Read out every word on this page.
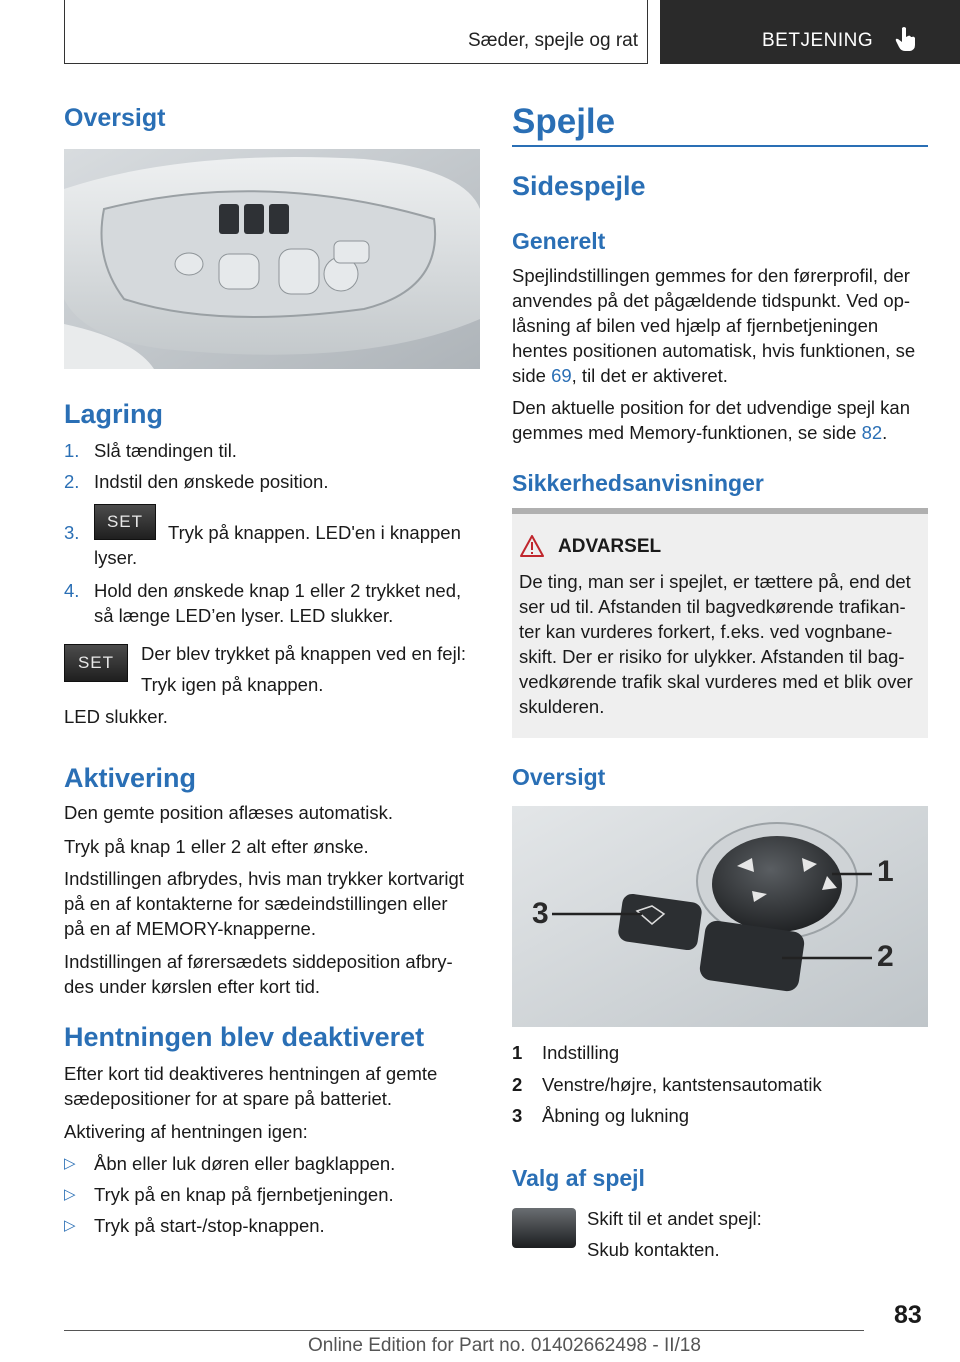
Sæder, spejle og rat	BETJENING
Oversigt
Lagring
1. Slå tændingen til.
2. Indstil den ønskede position.
3.
SET
Tryk på knappen. LED'en i knappen
lyser.
4. Hold den ønskede knap 1 eller 2 trykket ned,
så længe LED’en lyser. LED slukker.
SET	Der blev trykket på knappen ved en fejl:
Tryk igen på knappen.
LED slukker.
Aktivering
Den gemte position aflæses automatisk.
Tryk på knap 1 eller 2 alt efter ønske.
Indstillingen afbrydes, hvis man trykker kortvarigt
på en af kontakterne for sædeindstillingen eller
på en af MEMORY-knapperne.
Indstillingen af førersædets siddeposition afbry-
des under kørslen efter kort tid.
Hentningen blev deaktiveret
Efter kort tid deaktiveres hentningen af gemte
sædepositioner for at spare på batteriet.
Aktivering af hentningen igen:
▷ Åbn eller luk døren eller bagklappen.
▷ Tryk på en knap på fjernbetjeningen.
▷ Tryk på start-/stop-knappen.
Spejle
Sidespejle
Generelt
Spejlindstillingen gemmes for den førerprofil, der
anvendes på det pågældende tidspunkt. Ved op-
låsning af bilen ved hjælp af fjernbetjeningen
hentes positionen automatisk, hvis funktionen, se
side 69, til det er aktiveret.
Den aktuelle position for det udvendige spejl kan
gemmes med Memory-funktionen, se side 82.
Sikkerhedsanvisninger
ADVARSEL
De ting, man ser i spejlet, er tættere på, end det
ser ud til. Afstanden til bagvedkørende trafikan-
ter kan vurderes forkert, f.eks. ved vognbane-
skift. Der er risiko for ulykker. Afstanden til bag-
vedkørende trafik skal vurderes med et blik over
skulderen.
Oversigt
1
2
3
1 Indstilling
2 Venstre/højre, kantstensautomatik
3 Åbning og lukning
Valg af spejl
Skift til et andet spejl:
Skub kontakten.
83
Online Edition for Part no. 01402662498 - II/18
